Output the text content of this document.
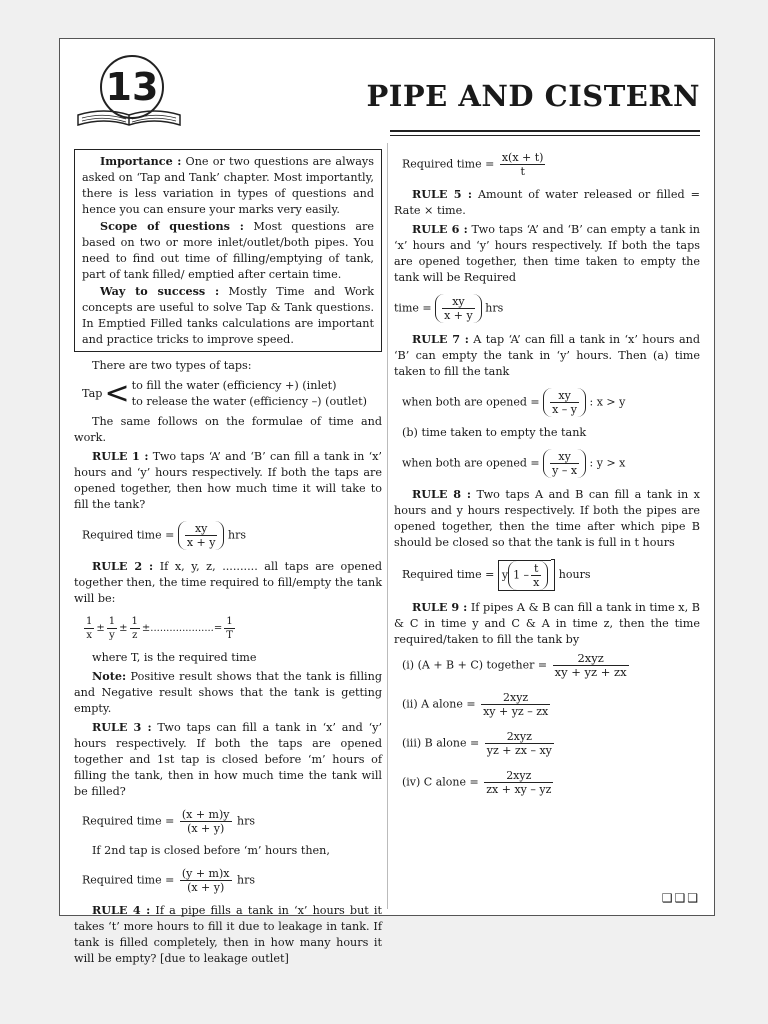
13	PIPE AND CISTERN

Importance : One or two questions are always asked on ‘Tap and Tank’ chapter. Most importantly, there is less variation in types of questions and hence you can ensure your marks very easily.

Scope of questions : Most questions are based on two or more inlet/outlet/both pipes. You need to find out time of filling/emptying of tank, part of tank filled/ emptied after certain time.

Way to success : Mostly Time and Work concepts are useful to solve Tap & Tank questions. In Emptied Filled tanks calculations are important and practice tricks to improve speed.

There are two types of taps:

Tap < to fill the water (efficiency +) (inlet)
to release the water (efficiency –) (outlet)

The same follows on the formulae of time and work.

RULE 1 : Two taps ‘A’ and ‘B’ can fill a tank in ‘x’ hours and ‘y’ hours respectively. If both the taps are opened together, then how much time it will take to fill the tank?

Required time = $\frac{xy}{x + y}$ hrs

RULE 2 : If x, y, z, .......... all taps are opened together then, the time required to fill/empty the tank will be:

$\frac{1}{x} \pm \frac{1}{y} \pm \frac{1}{z}$ ±....................= $\frac{1}{T}$

where T, is the required time

Note: Positive result shows that the tank is filling and Negative result shows that the tank is getting empty.

RULE 3 : Two taps can fill a tank in ‘x’ and ‘y’ hours respectively. If both the taps are opened together and 1st tap is closed before ‘m’ hours of filling the tank, then in how much time the tank will be filled?

Required time = $\frac{(x + m)y}{(x + y)}$ hrs

If 2nd tap is closed before ‘m’ hours then,

Required time = $\frac{(y + m)x}{(x + y)}$ hrs

RULE 4 : If a pipe fills a tank in ‘x’ hours but it takes ‘t’ more hours to fill it due to leakage in tank. If tank is filled completely, then in how many hours it will be empty? [due to leakage outlet]

Required time = $\frac{x(x + t)}{t}$

RULE 5 : Amount of water released or filled = Rate × time.

RULE 6 : Two taps ‘A’ and ‘B’ can empty a tank in ‘x’ hours and ‘y’ hours respectively. If both the taps are opened together, then time taken to empty the tank will be Required

time = $\frac{xy}{x + y}$ hrs

RULE 7 : A tap ‘A’ can fill a tank in ‘x’ hours and ‘B’ can empty the tank in ‘y’ hours. Then (a) time taken to fill the tank

when both are opened = $\frac{xy}{x - y}$ : x > y

(b) time taken to empty the tank

when both are opened = $\frac{xy}{y - x}$ : y > x

RULE 8 : Two taps A and B can fill a tank in x hours and y hours respectively. If both the pipes are opened together, then the time after which pipe B should be closed so that the tank is full in t hours

Required time = y $1 - \frac{t}{x}$ hours

RULE 9 : If pipes A & B can fill a tank in time x, B & C in time y and C & A in time z, then the time required/taken to fill the tank by

(i) (A + B + C) together = $\frac{\text{2xyz}}{xy + yz + zx}$
(ii) A alone = $\frac{\text{2xyz}}{xy + yz - zx}$
(iii) B alone = $\frac{\text{2xyz}}{yz + zx - xy}$
(iv) C alone = $\frac{\text{2xyz}}{zx + xy - yz}$
❑❑❑
